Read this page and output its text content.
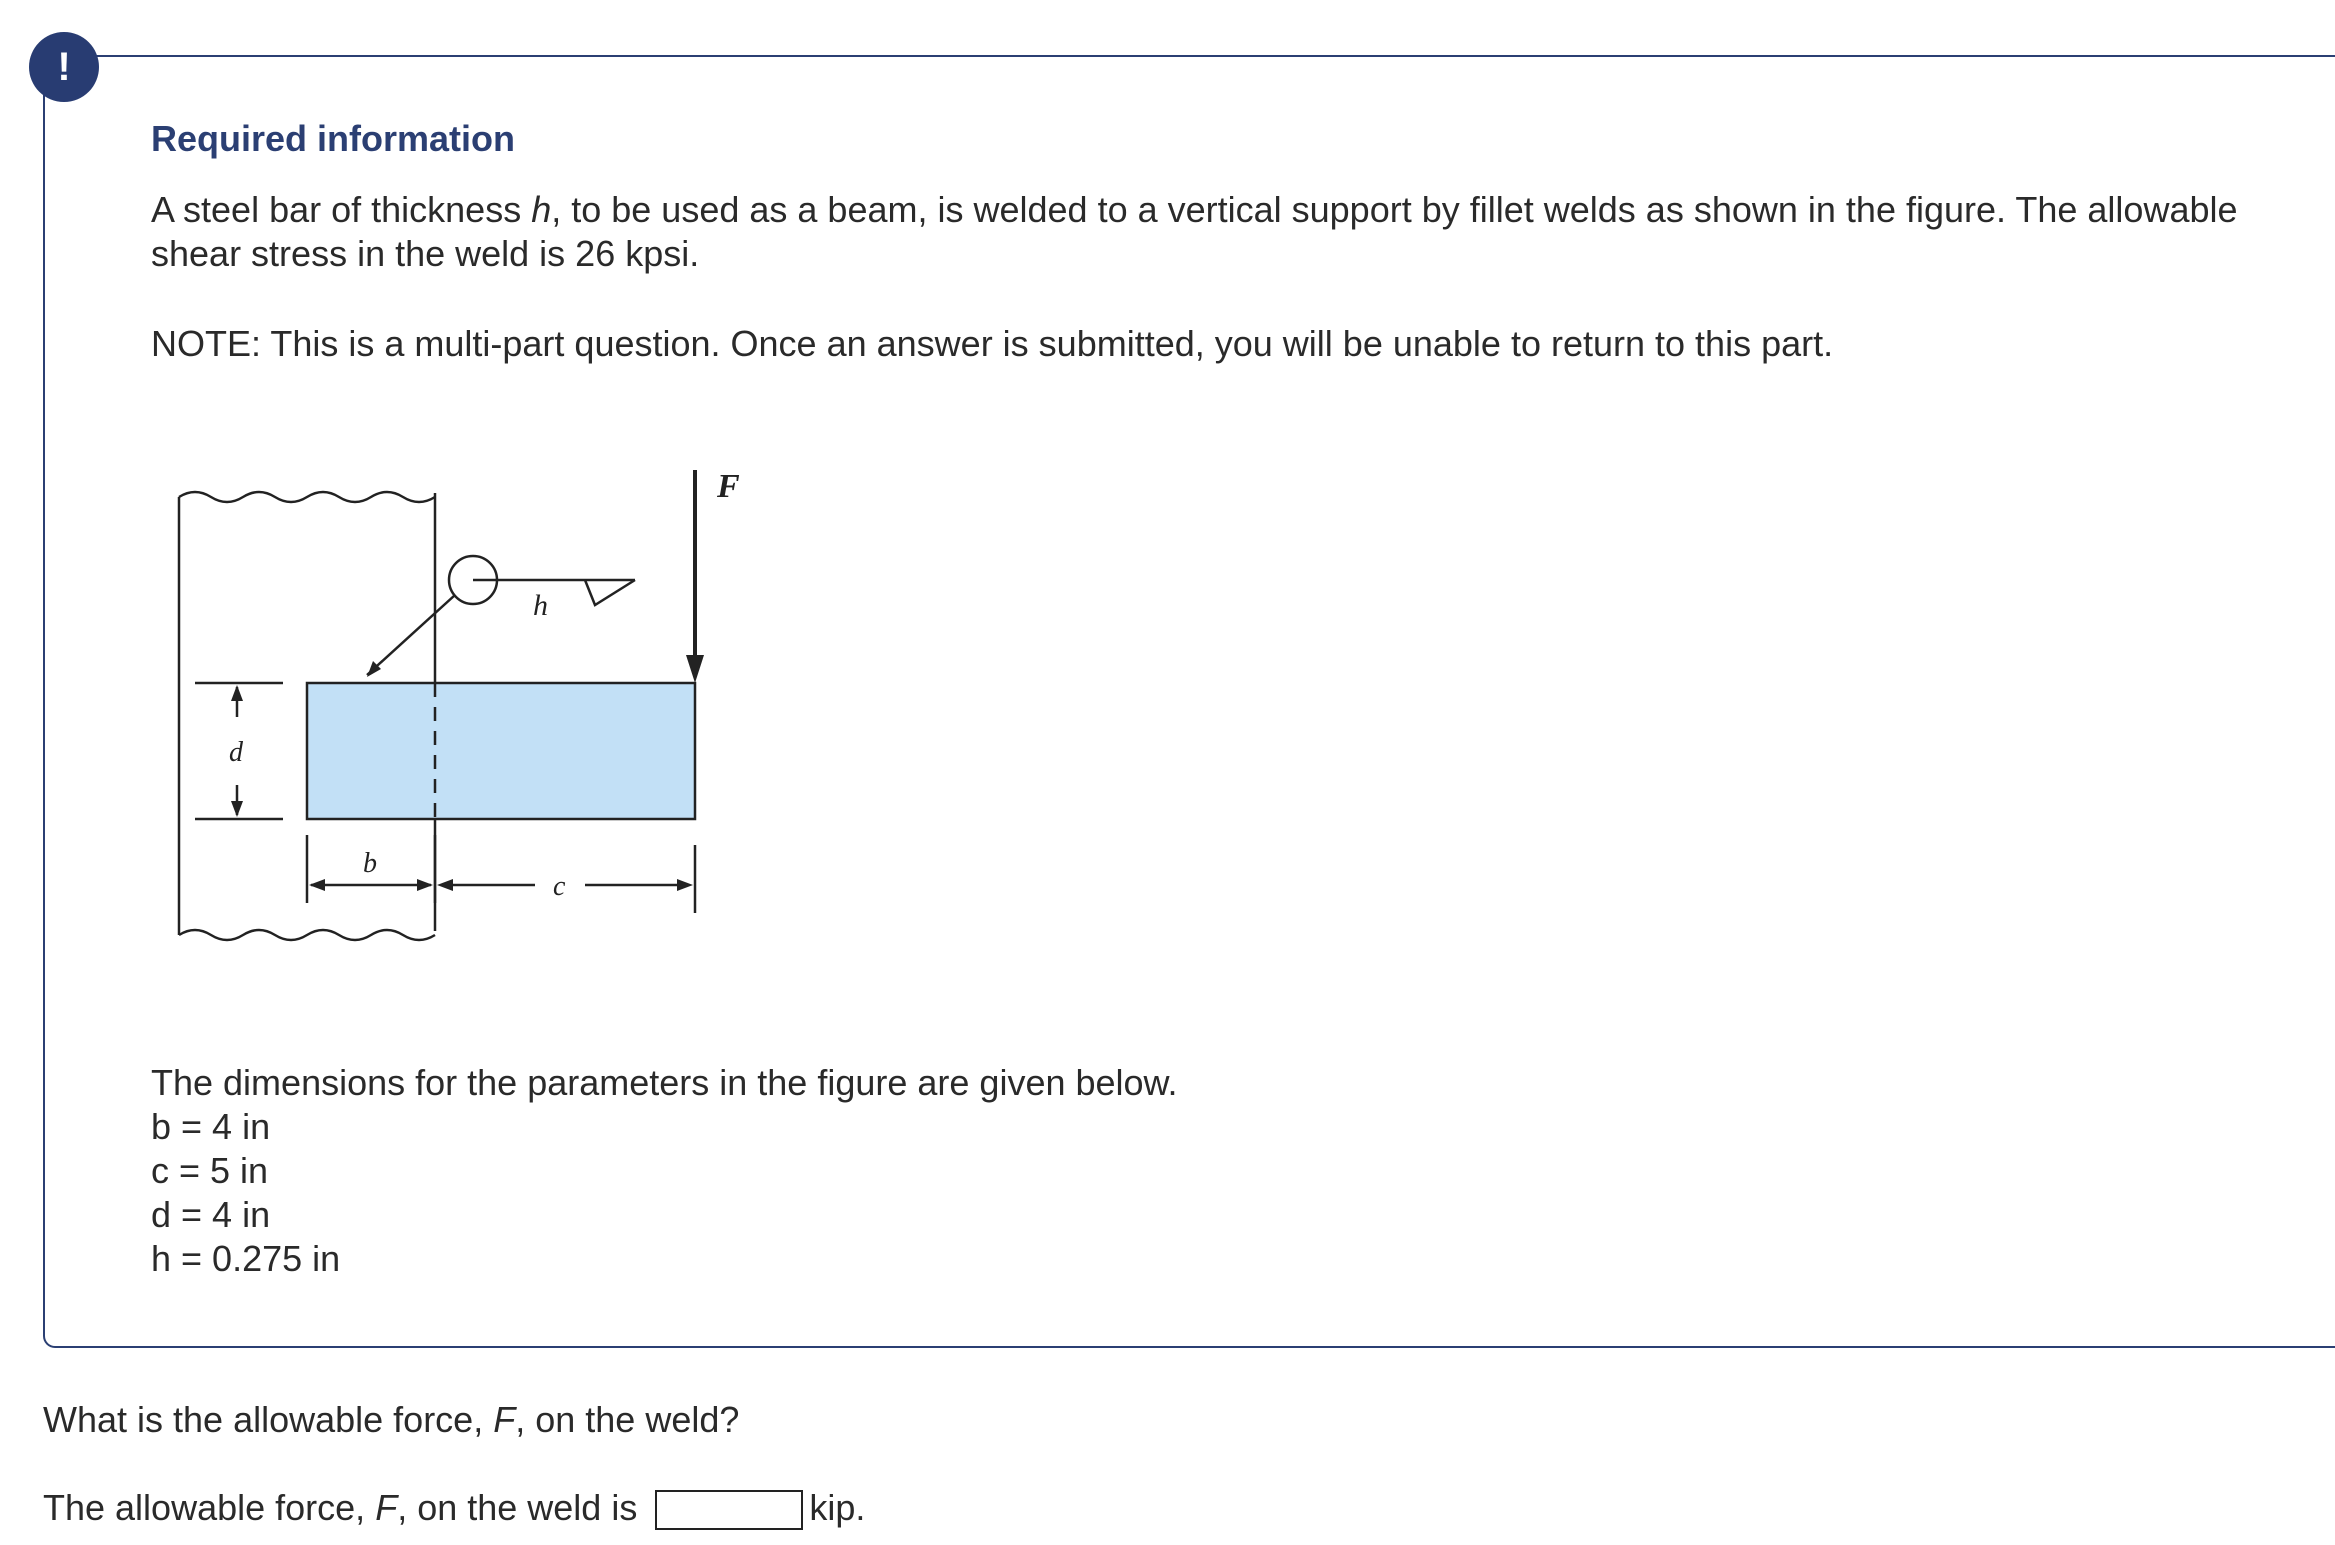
!
Required information

A steel bar of thickness h, to be used as a beam, is welded to a vertical support by fillet welds as shown in the figure. The allowable shear stress in the weld is 26 kpsi.

NOTE: This is a multi-part question. Once an answer is submitted, you will be unable to return to this part.

h
F
d
b
c
The dimensions for the parameters in the figure are given below.
b = 4 in
c = 5 in
d = 4 in
h = 0.275 in

What is the allowable force, F, on the weld?

The allowable force, F, on the weld is	kip.
